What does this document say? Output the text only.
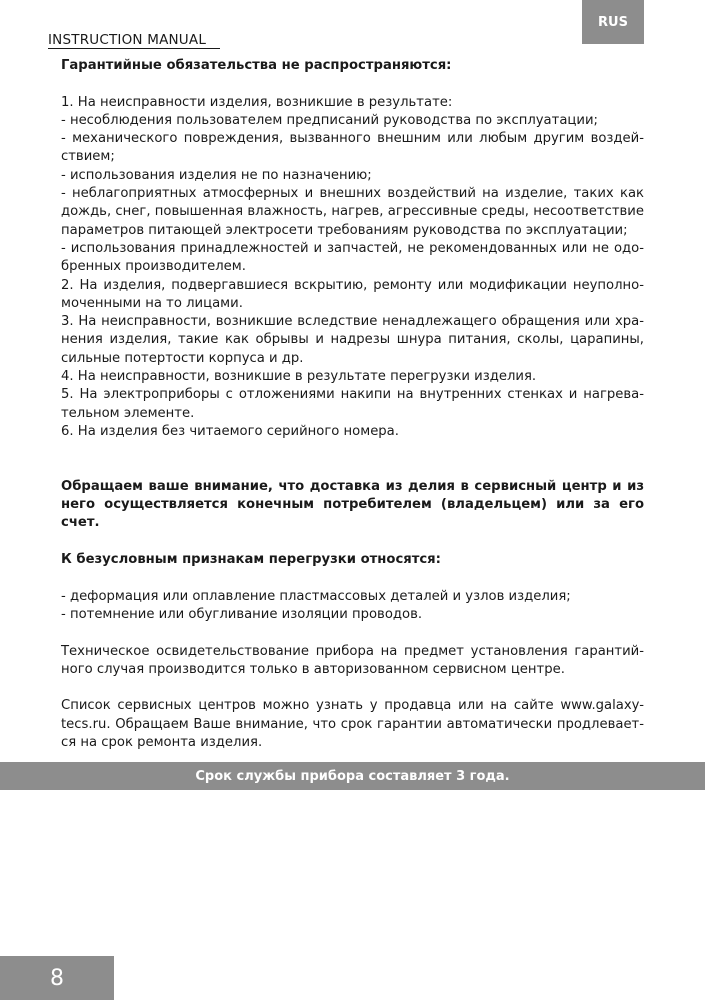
RUS
INSTRUCTION MANUAL

Гарантийные обязательства не распространяются:

1. На неисправности изделия, возникшие в результате:

- несоблюдения пользователем предписаний руководства по эксплуатации;

- механического повреждения, вызванного внешним или любым другим воздей-ствием;

- использования изделия не по назначению;

- неблагоприятных атмосферных и внешних воздействий на изделие, таких как дождь, снег, повышенная влажность, нагрев, агрессивные среды, несоответствие параметров питающей электросети требованиям руководства по эксплуатации;

- использования принадлежностей и запчастей, не рекомендованных или не одо-бренных производителем.

2. На изделия, подвергавшиеся вскрытию, ремонту или модификации неуполно-моченными на то лицами.

3. На неисправности, возникшие вследствие ненадлежащего обращения или хра-нения изделия, такие как обрывы и надрезы шнура питания, сколы, царапины, сильные потертости корпуса и др.

4. На неисправности, возникшие в результате перегрузки изделия.

5. На электроприборы с отложениями накипи на внутренних стенках и нагрева-тельном элементе.

6. На изделия без читаемого серийного номера.

Обращаем ваше внимание, что доставка из делия в сервисный центр и из него осуществляется конечным потребителем (владельцем) или за его счет.

К безусловным признакам перегрузки относятся:

- деформация или оплавление пластмассовых деталей и узлов изделия;

- потемнение или обугливание изоляции проводов.

Техническое освидетельствование прибора на предмет установления гарантий-ного случая производится только в авторизованном сервисном центре.

Список сервисных центров можно узнать у продавца или на сайте www.galaxy-tecs.ru. Обращаем Ваше внимание, что срок гарантии автоматически продлевает-ся на срок ремонта изделия.

Срок службы прибора составляет 3 года.
8
